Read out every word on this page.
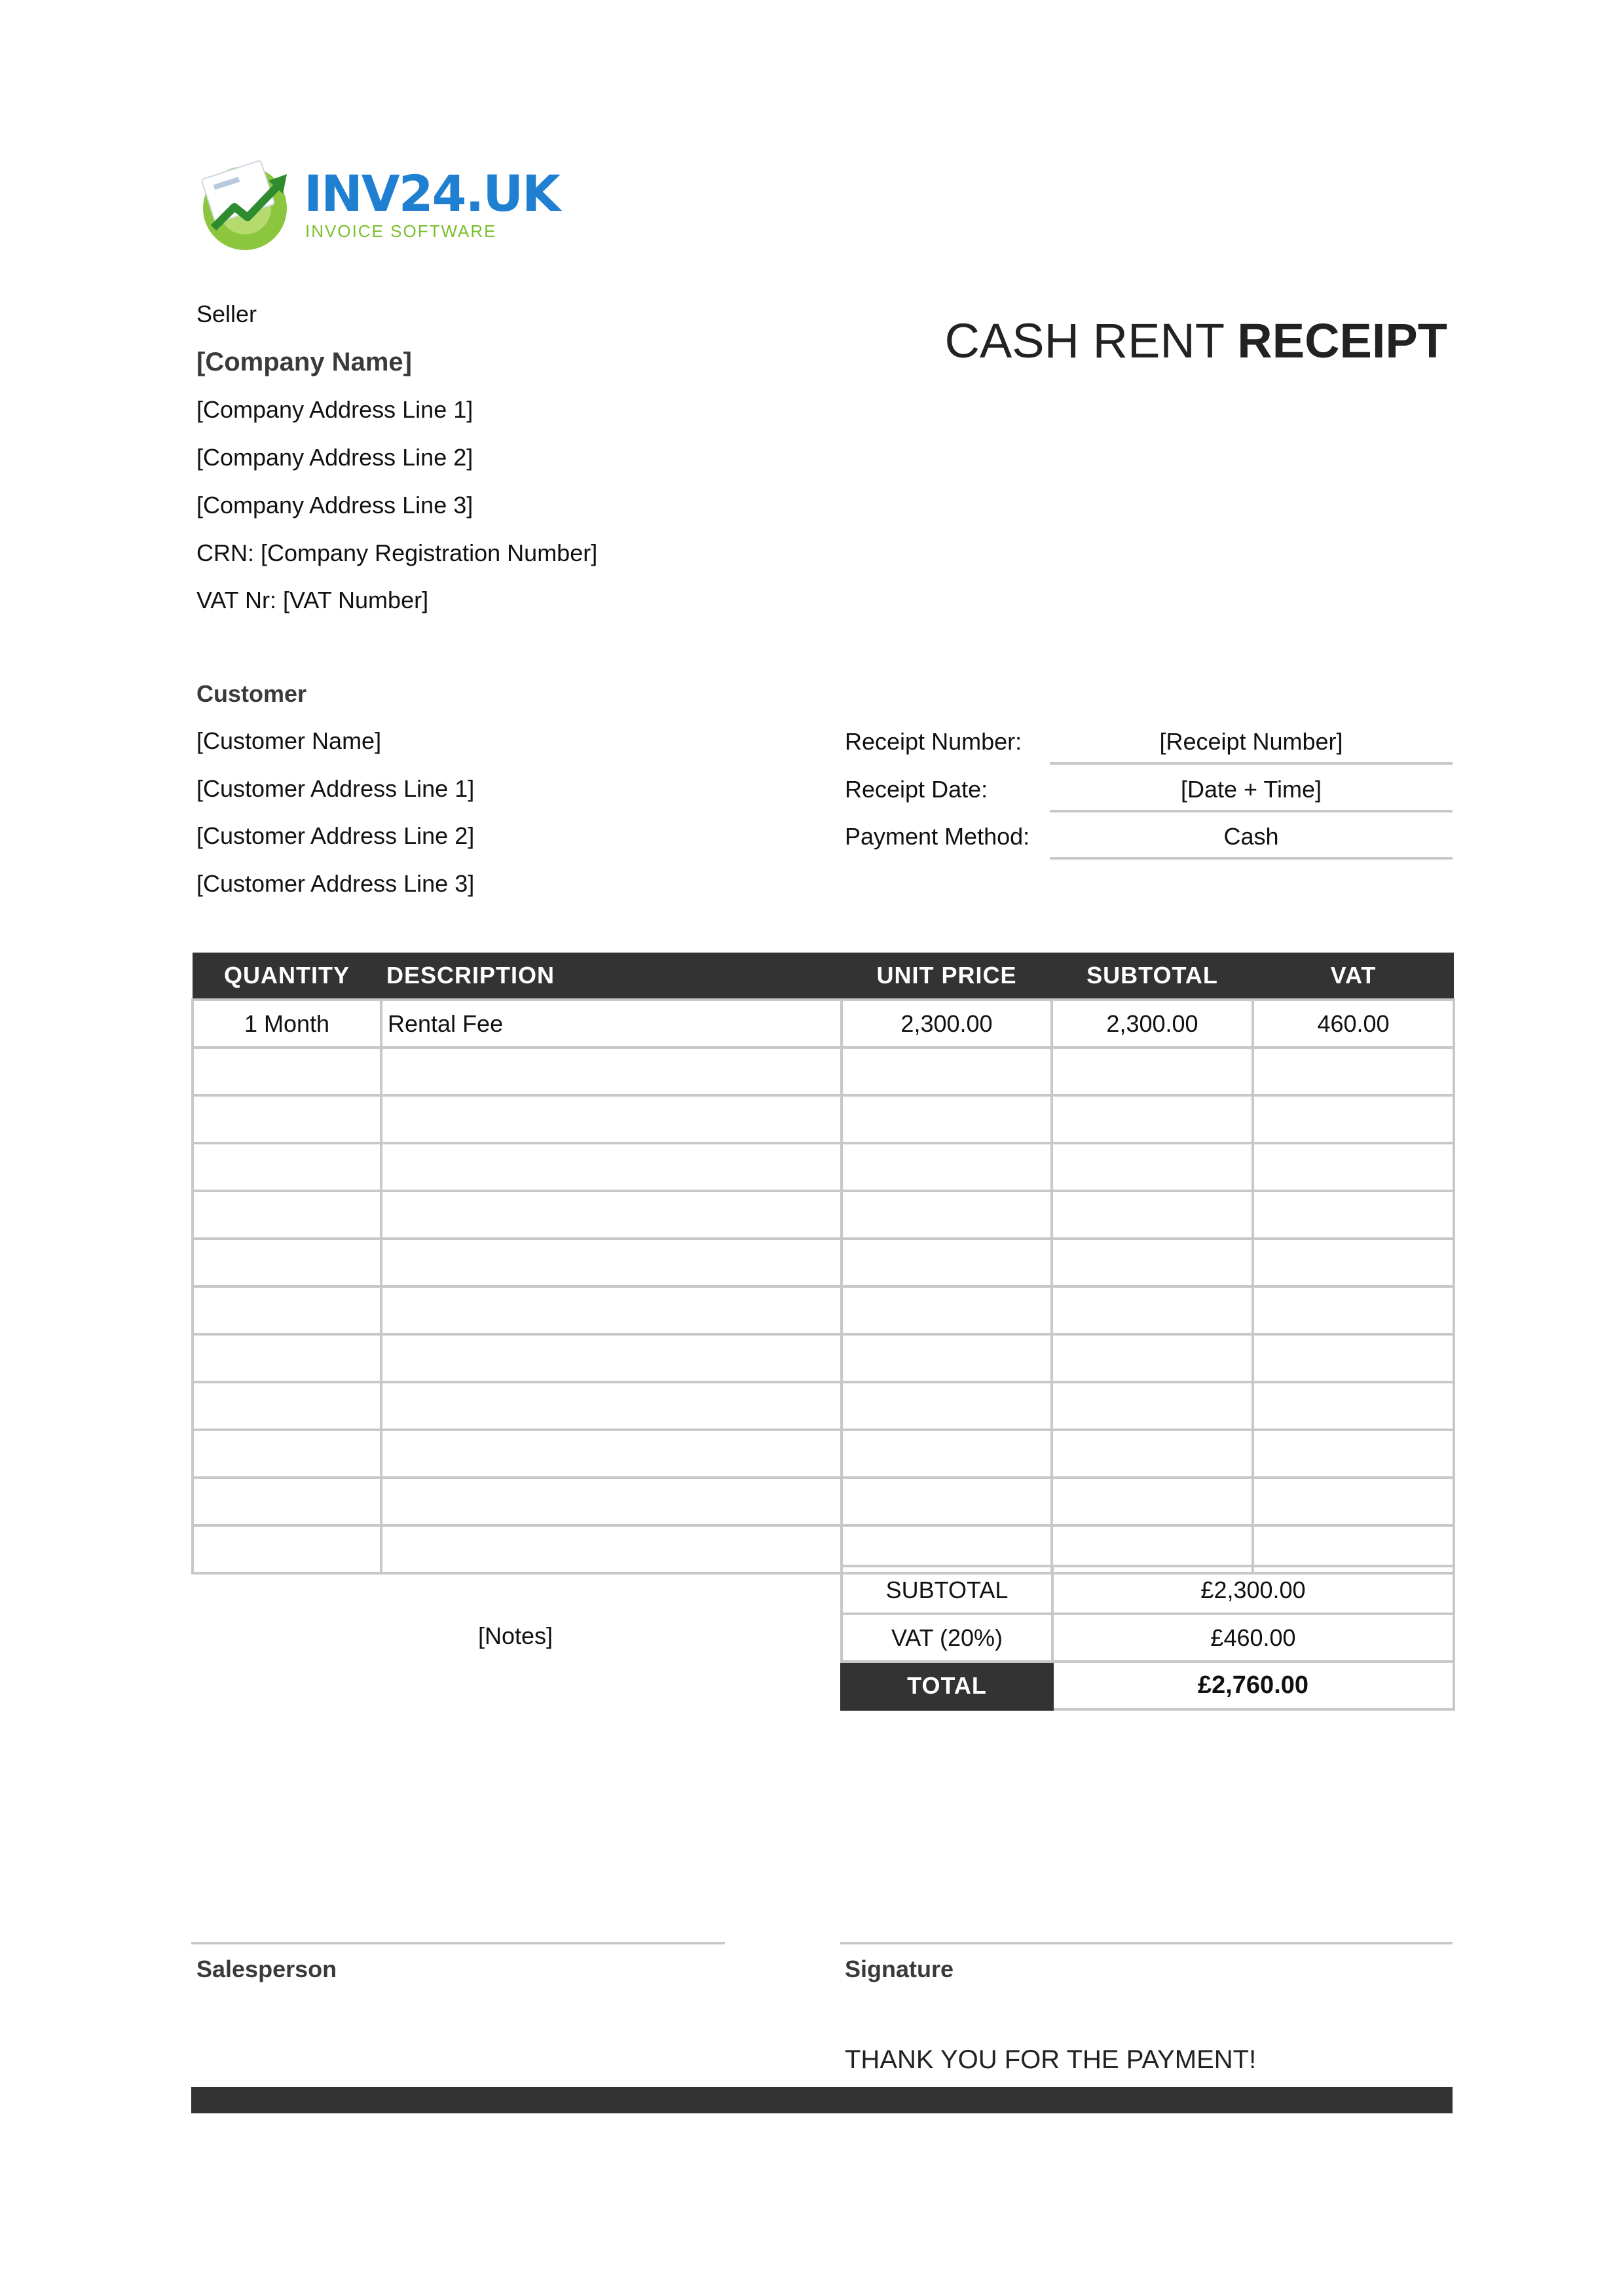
INV24.UK
INVOICE SOFTWARE
CASH RENT RECEIPT
Seller
[Company Name]
[Company Address Line 1]
[Company Address Line 2]
[Company Address Line 3]
CRN: [Company Registration Number]
VAT Nr: [VAT Number]
Customer
[Customer Name]
[Customer Address Line 1]
[Customer Address Line 2]
[Customer Address Line 3]
Receipt Number:	[Receipt Number]
Receipt Date:	[Date + Time]
Payment Method:	Cash
QUANTITY	DESCRIPTION	UNIT PRICE	SUBTOTAL	VAT
1 Month	Rental Fee	2,300.00	2,300.00	460.00

[Notes]
SUBTOTAL	£2,300.00
VAT (20%)	£460.00
TOTAL	£2,760.00
Salesperson	Signature
THANK YOU FOR THE PAYMENT!
